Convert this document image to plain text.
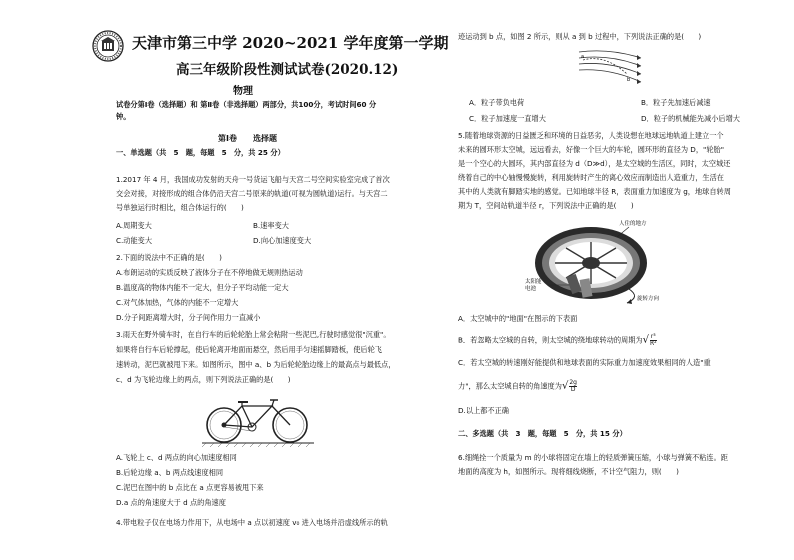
天津市第三中学 2020~2021 学年度第一学期
高三年级阶段性测试试卷(2020.12)
物理
试卷分第Ⅰ卷（选择题）和 第Ⅱ卷（非选择题）两部分，共100分，考试时间60 分
钟。
第Ⅰ卷　　选择题
一、单选题（共　5　题，每题　5　分，共 25 分）
1.2017 年 4 月，我国成功发射的天舟一号货运飞船与天宫二号空间实验室完成了首次
交会对接，对接形成的组合体仍沿天宫二号原来的轨道(可视为圆轨道)运行。与天宫二
号单独运行时相比，组合体运行的(　　)
A.周期变大	B.速率变大
C.动能变大	D.向心加速度变大
2.下面的说法中不正确的是(　　)
A.布朗运动的实质反映了液体分子在不停地做无规则热运动
B.温度高的物体内能不一定大，但分子平均动能一定大
C.对气体加热，气体的内能不一定增大
D.分子间距离增大时，分子间作用力一直减小
3.雨天在野外骑车时，在自行车的后轮轮胎上常会粘附一些泥巴,行驶时感觉很"沉重"。
如果将自行车后轮撑起，使后轮离开地面而悬空，然后用手匀速摇脚踏板，使后轮飞
速转动，泥巴就被甩下来。如图所示，图中 a、b 为后轮轮胎边缘上的最高点与最低点，
c、d 为飞轮边缘上的两点，则下列说法正确的是(　　)
A.飞轮上 c、d 两点的向心加速度相同
B.后轮边缘 a、b 两点线速度相同
C.泥巴在图中的 b 点比在 a 点更容易被甩下来
D.a 点的角速度大于 d 点的角速度
4.带电粒子仅在电场力作用下，从电场中 a 点以初速度 v₀ 进入电场并沿虚线所示的轨
迹运动到 b 点，如图 2 所示，则从 a 到 b 过程中，下列说法正确的是(　　)
a
b
A．粒子带负电荷	B．粒子先加速后减速
C．粒子加速度一直增大	D．粒子的机械能先减小后增大
5.随着地球资源的日益匮乏和环境的日益恶劣，人类设想在地球远地轨道上建立一个
未来的圆环形太空城，远远看去，好像一个巨大的车轮，圆环形的直径为 D，"轮胎"
是一个空心的大圆环，其内部直径为 d（D≫d），是太空城的生活区，同时，太空城还
绕着自己的中心轴慢慢旋转，利用旋转时产生的离心效应而制造出人造重力，生活在
其中的人类就有脚踏实地的感觉。已知地球半径 R，表面重力加速度为 g，地球自转周
期为 T，空间站轨道半径 r，下列说法中正确的是(　　)
人住的地方
太阳能
电池
旋转方向
A．太空城中的"地面"在图示的下表面
B．若忽略太空城的自转，则太空城的绕地球转动的周期为√ $\frac{\text{r³}}{\text{R²}}$
C．若太空城的转速刚好能提供和地球表面的实际重力加速度效果相同的人造"重
力"，那么太空城自转的角速度为√ $\frac{2g}{D}$
D.以上都不正确
二、多选题（共　3　题，每题　5　分，共 15 分）
6.细绳拴一个质量为 m 的小球将固定在墙上的轻质弹簧压缩，小球与弹簧不粘连。距
地面的高度为 h，如图所示。现将细线烧断，不计空气阻力，则(　　)
